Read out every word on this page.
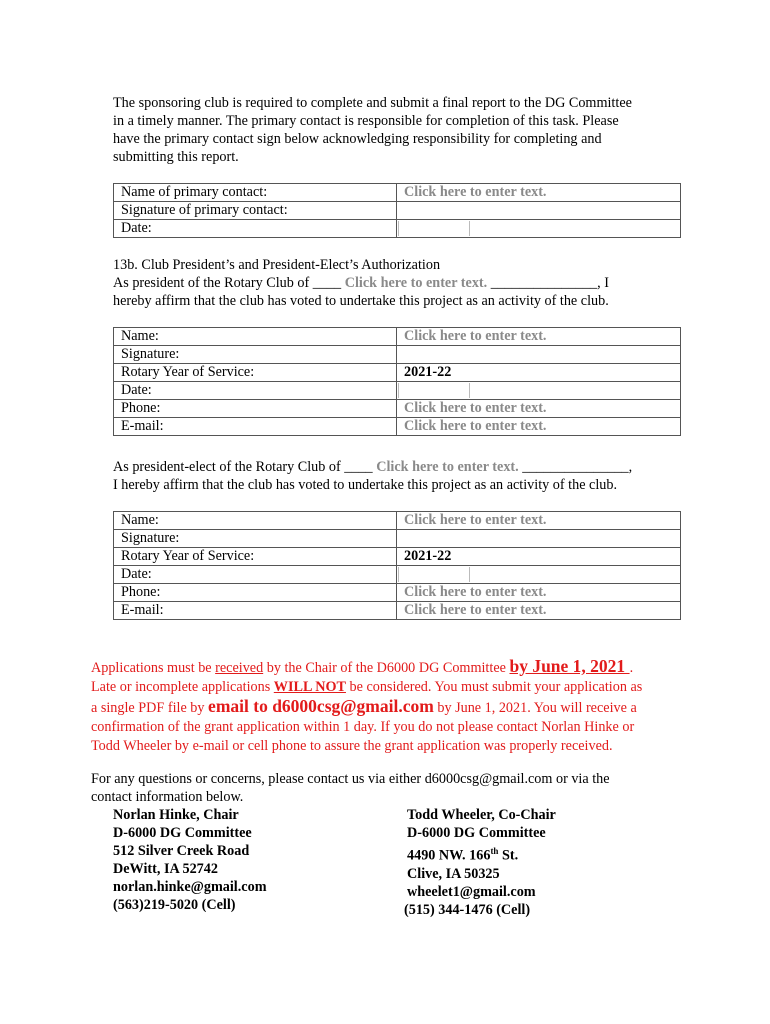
The sponsoring club is required to complete and submit a final report to the DG Committee
in a timely manner. The primary contact is responsible for completion of this task. Please
have the primary contact sign below acknowledging responsibility for completing and
submitting this report.
Name of primary contact:	Click here to enter text.
Signature of primary contact:	
Date:	
13b. Club President’s and President-Elect’s Authorization
As president of the Rotary Club of ____ Click here to enter text. _______________, I
hereby affirm that the club has voted to undertake this project as an activity of the club.
Name:	Click here to enter text.
Signature:	
Rotary Year of Service:	2021-22
Date:	
Phone:	Click here to enter text.
E-mail:	Click here to enter text.
As president-elect of the Rotary Club of ____ Click here to enter text. _______________,
I hereby affirm that the club has voted to undertake this project as an activity of the club.
Name:	Click here to enter text.
Signature:	
Rotary Year of Service:	2021-22
Date:	
Phone:	Click here to enter text.
E-mail:	Click here to enter text.
Applications must be received by the Chair of the D6000 DG Committee by June 1, 2021 .
Late or incomplete applications WILL NOT be considered. You must submit your application as
a single PDF file by email to d6000csg@gmail.com by June 1, 2021. You will receive a
confirmation of the grant application within 1 day. If you do not please contact Norlan Hinke or
Todd Wheeler by e-mail or cell phone to assure the grant application was properly received.
For any questions or concerns, please contact us via either d6000csg@gmail.com or via the
contact information below.
Norlan Hinke, Chair
D-6000 DG Committee
512 Silver Creek Road
DeWitt, IA 52742
norlan.hinke@gmail.com
(563)219-5020 (Cell)
Todd Wheeler, Co-Chair
D-6000 DG Committee
4490 NW. 166th St.
Clive, IA 50325
wheelet1@gmail.com
(515) 344-1476 (Cell)
